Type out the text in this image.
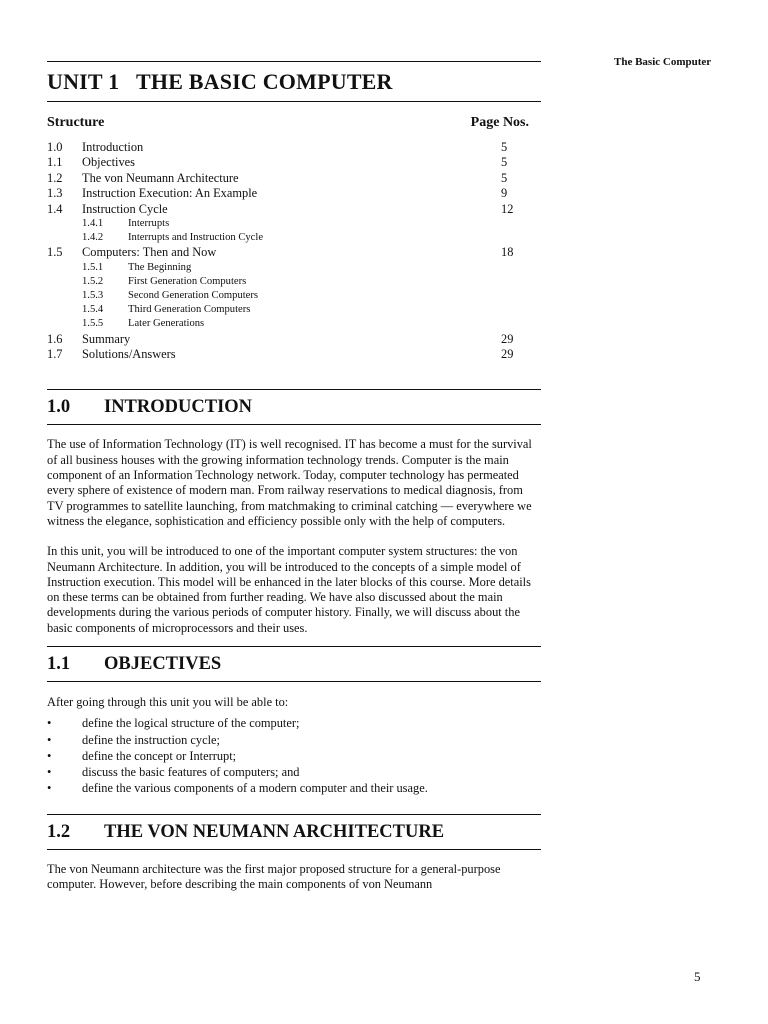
The Basic Computer
UNIT 1   THE BASIC COMPUTER
Structure	Page Nos.
1.0	Introduction	5
1.1	Objectives	5
1.2	The von Neumann Architecture	5
1.3	Instruction Execution: An Example	9
1.4	Instruction Cycle	12
1.4.1	Interrupts
1.4.2	Interrupts and Instruction Cycle
1.5	Computers: Then and Now	18
1.5.1	The Beginning
1.5.2	First Generation Computers
1.5.3	Second Generation Computers
1.5.4	Third Generation Computers
1.5.5	Later Generations
1.6	Summary	29
1.7	Solutions/Answers	29
1.0	INTRODUCTION

The use of Information Technology (IT) is well recognised. IT has become a must for the survival of all business houses with the growing information technology trends. Computer is the main component of an Information Technology network. Today, computer technology has permeated every sphere of existence of modern man. From railway reservations to medical diagnosis, from TV programmes to satellite launching, from matchmaking to criminal catching — everywhere we witness the elegance, sophistication and efficiency possible only with the help of computers.

In this unit, you will be introduced to one of the important computer system structures: the von Neumann Architecture. In addition, you will be introduced to the concepts of a simple model of Instruction execution. This model will be enhanced in the later blocks of this course. More details on these terms can be obtained from further reading. We have also discussed about the main developments during the various periods of computer history. Finally, we will discuss about the basic components of microprocessors and their uses.

1.1	OBJECTIVES

After going through this unit you will be able to:

•	define the logical structure of the computer;
•	define the instruction cycle;
•	define the concept or Interrupt;
•	discuss the basic features of computers; and
•	define the various components of a modern computer and their usage.
1.2	THE VON NEUMANN ARCHITECTURE

The von Neumann architecture was the first major proposed structure for a general-purpose computer. However, before describing the main components of von Neumann

5
